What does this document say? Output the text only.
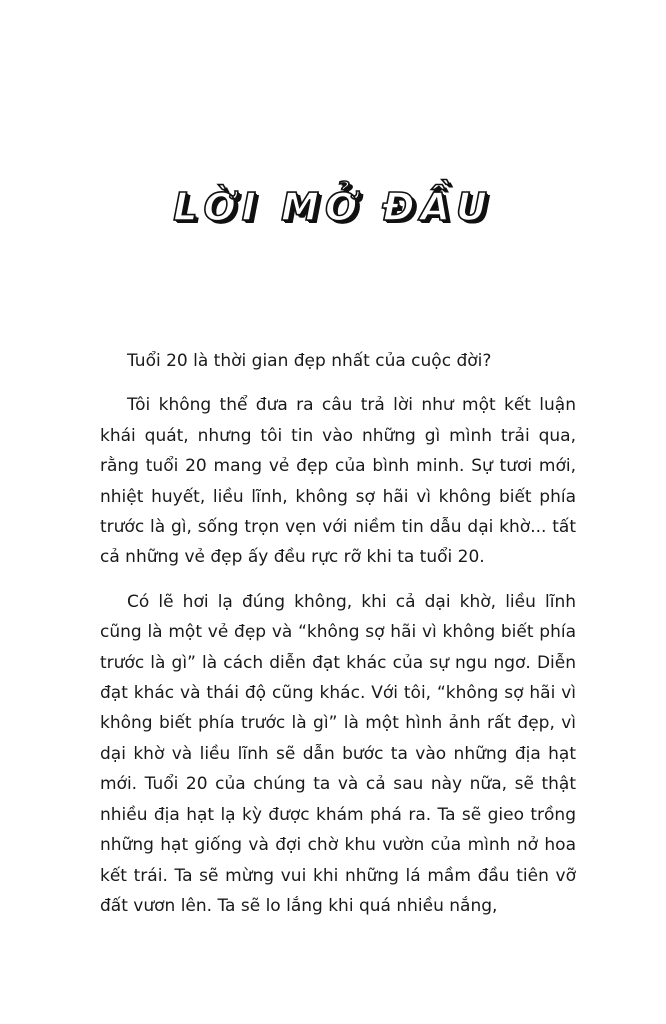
LỜI MỞ ĐẦU

Tuổi 20 là thời gian đẹp nhất của cuộc đời?

Tôi không thể đưa ra câu trả lời như một kết luận khái quát, nhưng tôi tin vào những gì mình trải qua, rằng tuổi 20 mang vẻ đẹp của bình minh. Sự tươi mới, nhiệt huyết, liều lĩnh, không sợ hãi vì không biết phía trước là gì, sống trọn vẹn với niềm tin dẫu dại khờ... tất cả những vẻ đẹp ấy đều rực rỡ khi ta tuổi 20.

Có lẽ hơi lạ đúng không, khi cả dại khờ, liều lĩnh cũng là một vẻ đẹp và “không sợ hãi vì không biết phía trước là gì” là cách diễn đạt khác của sự ngu ngơ. Diễn đạt khác và thái độ cũng khác. Với tôi, “không sợ hãi vì không biết phía trước là gì” là một hình ảnh rất đẹp, vì dại khờ và liều lĩnh sẽ dẫn bước ta vào những địa hạt mới. Tuổi 20 của chúng ta và cả sau này nữa, sẽ thật nhiều địa hạt lạ kỳ được khám phá ra. Ta sẽ gieo trồng những hạt giống và đợi chờ khu vườn của mình nở hoa kết trái. Ta sẽ mừng vui khi những lá mầm đầu tiên vỡ đất vươn lên. Ta sẽ lo lắng khi quá nhiều nắng,
